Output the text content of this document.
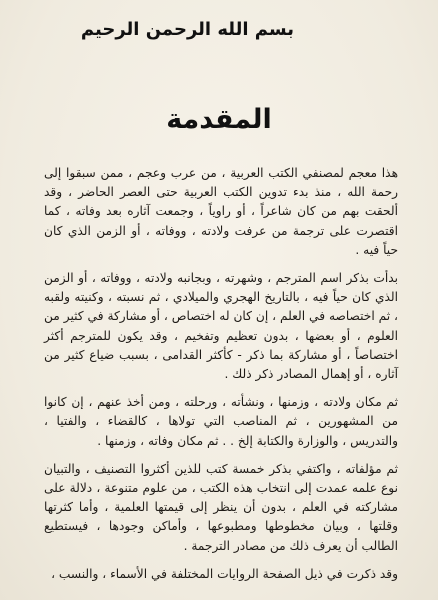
بسم الله الرحمن الرحيم
المقدمة

هذا معجم لمصنفي الكتب العربية ، من عرب وعجم ، ممن سبقوا إلى رحمة الله ، منذ بدء تدوين الكتب العربية حتى العصر الحاضر ، وقد ألحقت بهم من كان شاعراً ، أو راوياً ، وجمعت آثاره بعد وفاته ، كما اقتصرت على ترجمة من عرفت ولادته ، ووفاته ، أو الزمن الذي كان حياً فيه .

بدأت بذكر اسم المترجم ، وشهرته ، وبجانبه ولادته ، ووفاته ، أو الزمن الذي كان حياً فيه ، بالتاريخ الهجري والميلادي ، ثم نسبته ، وكنيته ولقبه ، ثم اختصاصه في العلم ، إن كان له اختصاص ، أو مشاركة في كثير من العلوم ، أو بعضها ، بدون تعظيم وتفخيم ، وقد يكون للمترجم أكثر اختصاصاً ، أو مشاركة بما ذكر - كأكثر القدامى ، بسبب ضياع كثير من آثاره ، أو إهمال المصادر ذكر ذلك .

ثم مكان ولادته ، وزمنها ، ونشأته ، ورحلته ، ومن أخذ عنهم ، إن كانوا من المشهورين ، ثم المناصب التي تولاها ، كالقضاء ، والفتيا ، والتدريس ، والوزارة والكتابة إلخ . . ثم مكان وفاته ، وزمنها .

ثم مؤلفاته ، واكتفي بذكر خمسة كتب للذين أكثروا التصنيف ، والتبيان نوع علمه عمدت إلى انتخاب هذه الكتب ، من علوم متنوعة ، دلالة على مشاركته في العلم ، بدون أن ينظر إلى قيمتها العلمية ، وأما كثرتها وقلتها ، وبيان مخطوطها ومطبوعها ، وأماكن وجودها ، فيستطيع الطالب أن يعرف ذلك من مصادر الترجمة .

وقد ذكرت في ذيل الصفحة الروايات المختلفة في الأسماء ، والنسب ،
